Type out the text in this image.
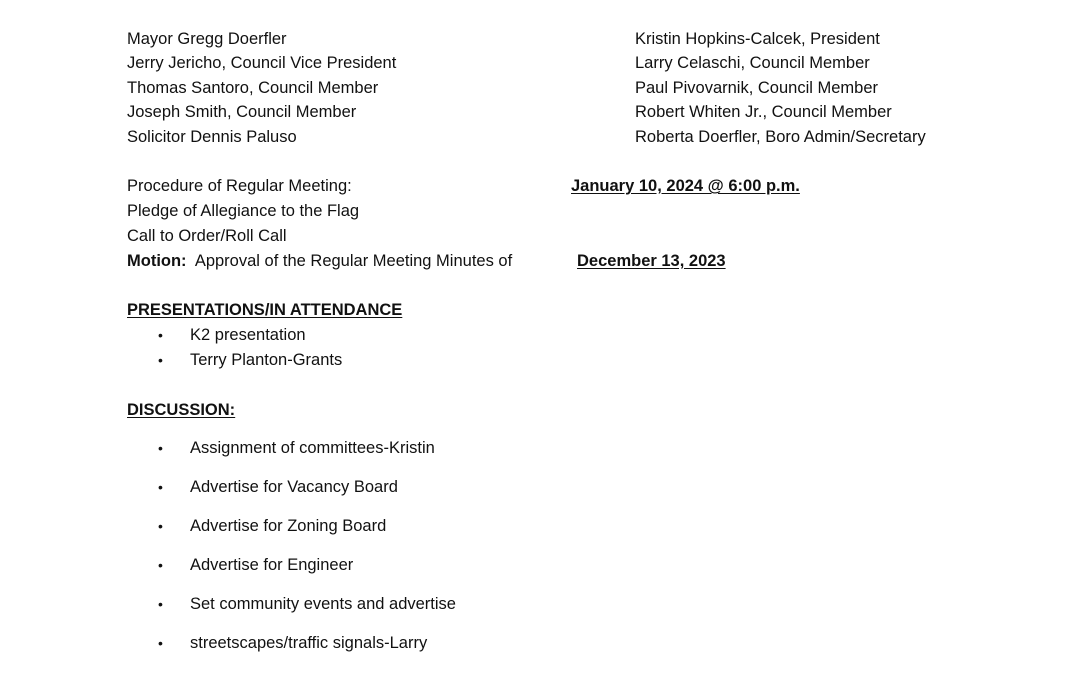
Mayor Gregg Doerfler
Jerry Jericho, Council Vice President
Thomas Santoro, Council Member
Joseph Smith, Council Member
Solicitor Dennis Paluso
Kristin Hopkins-Calcek, President
Larry Celaschi, Council Member
Paul Pivovarnik, Council Member
Robert Whiten Jr., Council Member
Roberta Doerfler, Boro Admin/Secretary
Procedure of Regular Meeting:	January 10, 2024 @ 6:00 p.m.
Pledge of Allegiance to the Flag
Call to Order/Roll Call
Motion: Approval of the Regular Meeting Minutes of	December 13, 2023
PRESENTATIONS/IN ATTENDANCE
• K2 presentation
• Terry Planton-Grants
DISCUSSION:
• Assignment of committees-Kristin
• Advertise for Vacancy Board
• Advertise for Zoning Board
• Advertise for Engineer
• Set community events and advertise
• streetscapes/traffic signals-Larry
